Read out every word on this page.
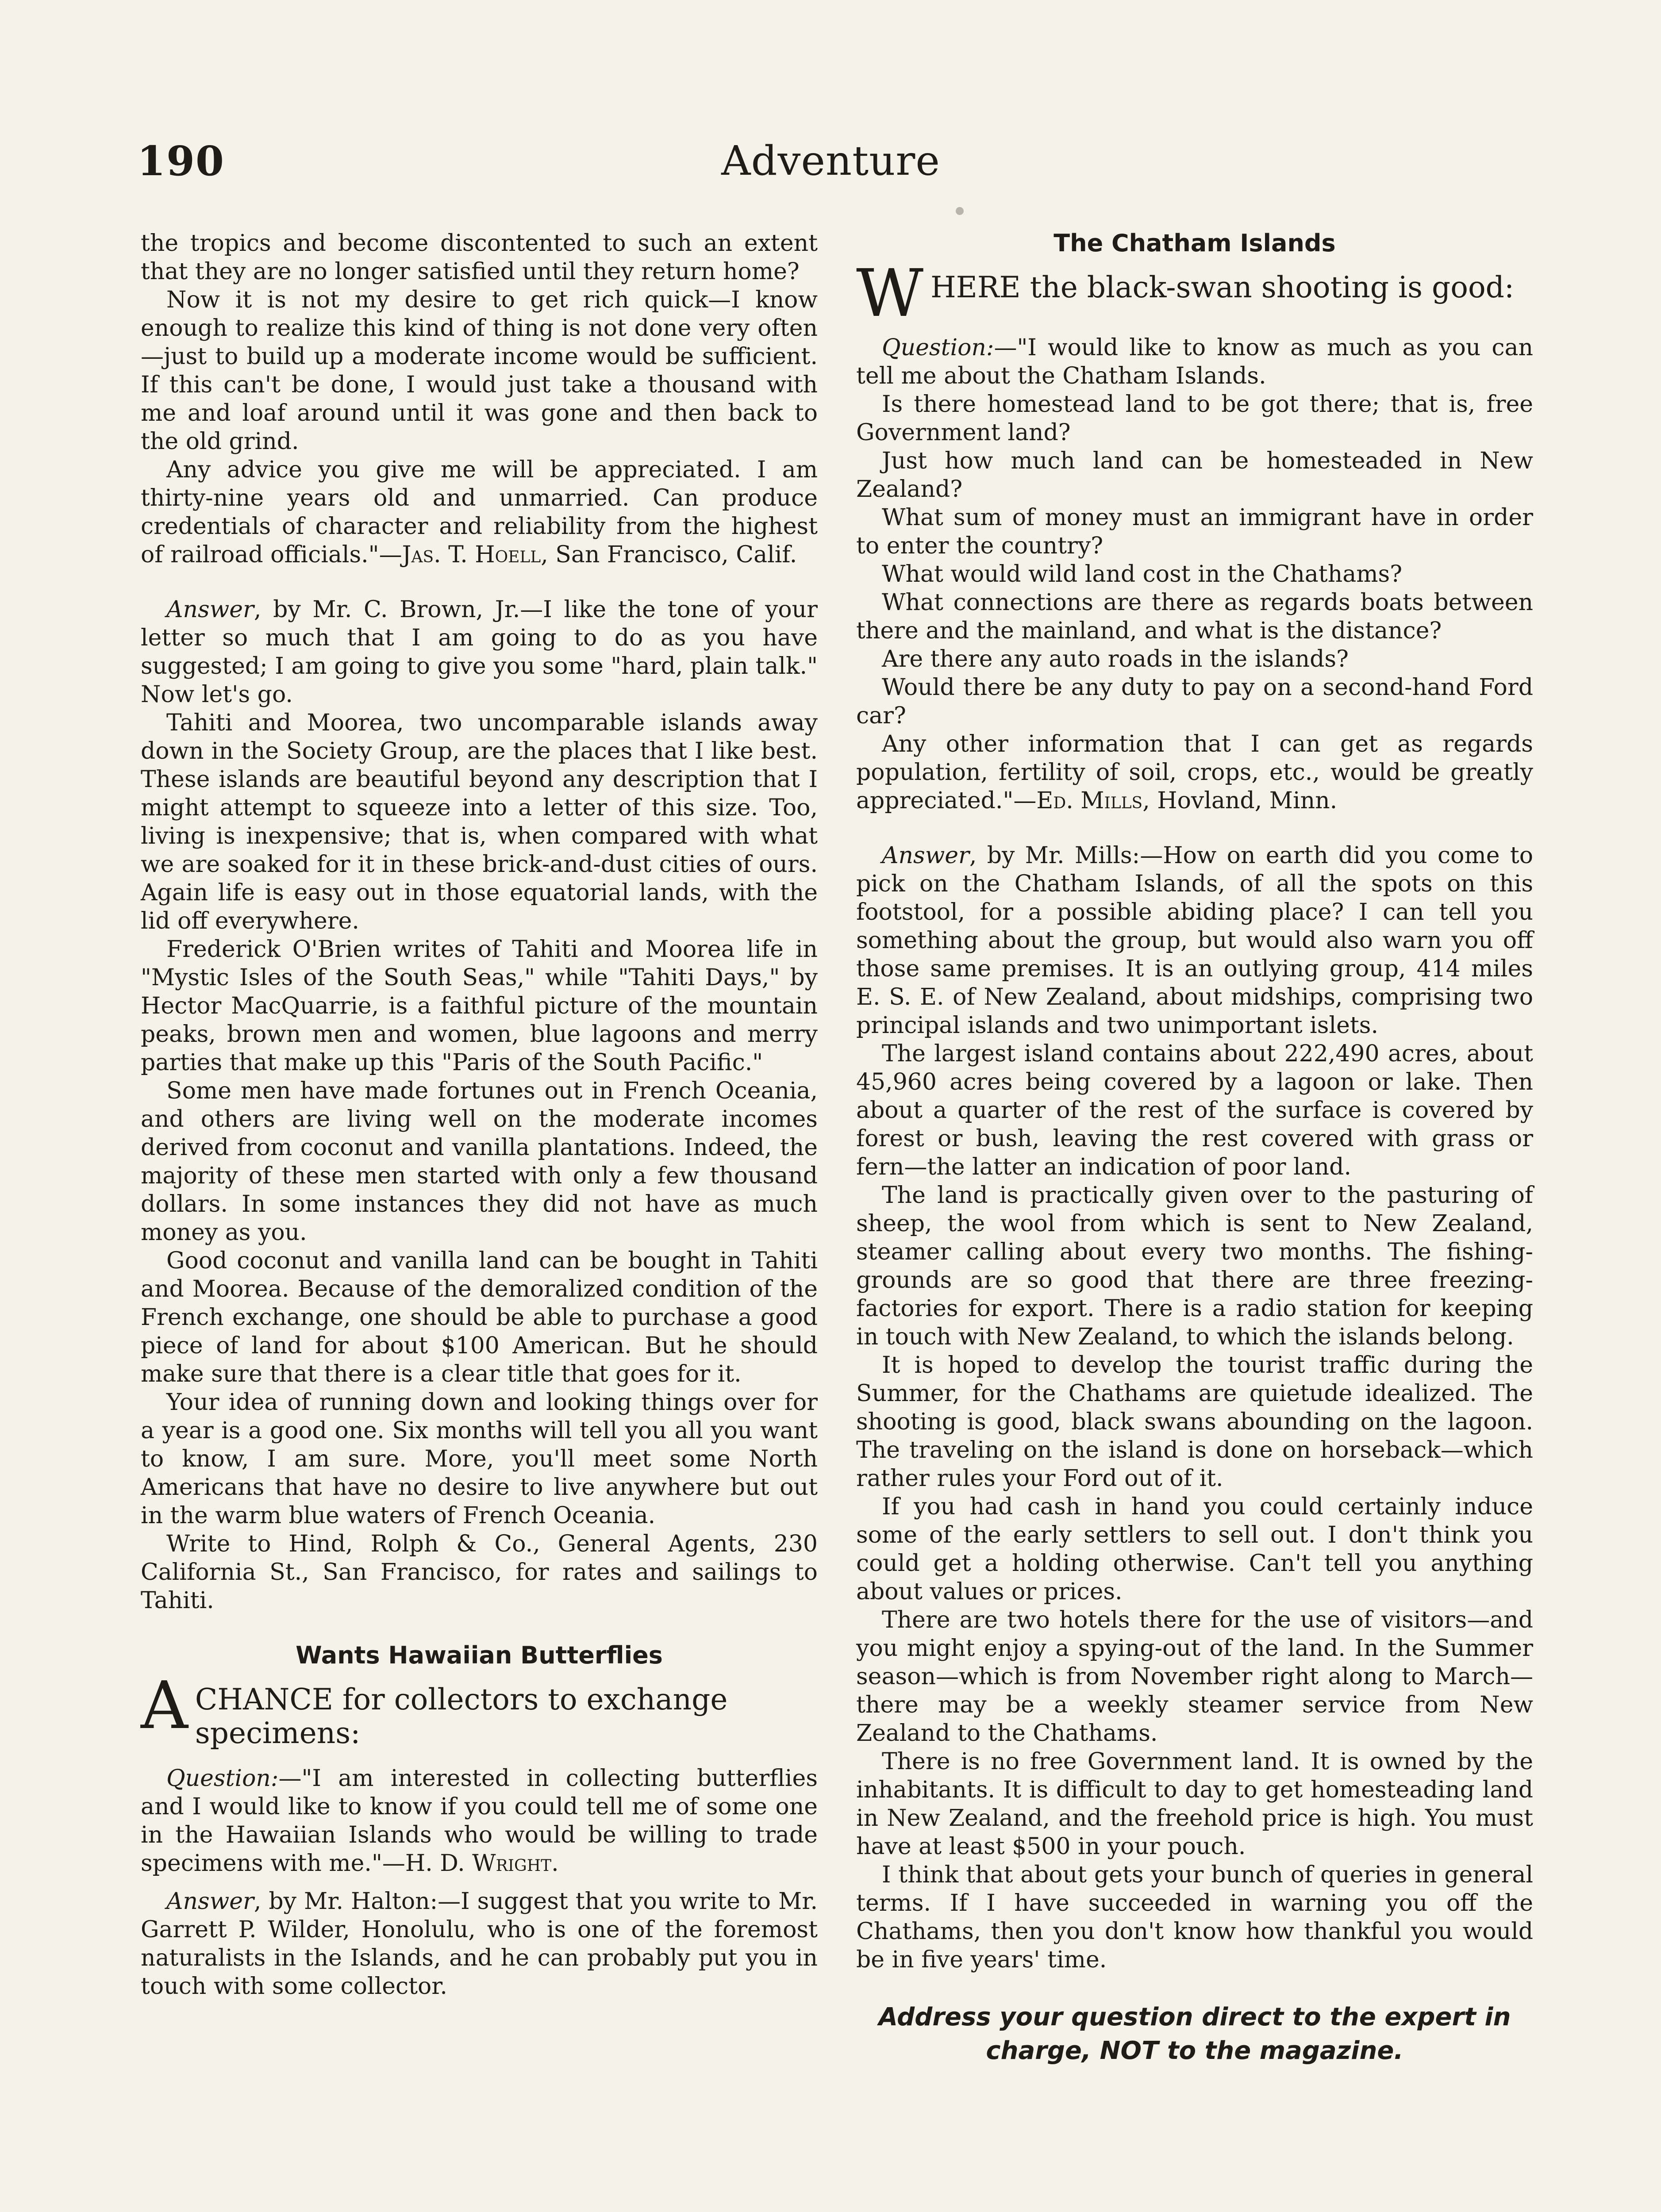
190	Adventure

the tropics and become discontented to such an extent that they are no longer satisfied until they return home?

Now it is not my desire to get rich quick—I know enough to realize this kind of thing is not done very often—just to build up a moderate income would be sufficient. If this can't be done, I would just take a thousand with me and loaf around until it was gone and then back to the old grind.

Any advice you give me will be appreciated. I am thirty-nine years old and unmarried. Can produce credentials of character and reliability from the highest of railroad officials."—Jas. T. Hoell, San Francisco, Calif.

Answer, by Mr. C. Brown, Jr.—I like the tone of your letter so much that I am going to do as you have suggested; I am going to give you some "hard, plain talk." Now let's go.

Tahiti and Moorea, two uncomparable islands away down in the Society Group, are the places that I like best. These islands are beautiful beyond any description that I might attempt to squeeze into a letter of this size. Too, living is inexpensive; that is, when compared with what we are soaked for it in these brick-and-dust cities of ours. Again life is easy out in those equatorial lands, with the lid off everywhere.

Frederick O'Brien writes of Tahiti and Moorea life in "Mystic Isles of the South Seas," while "Tahiti Days," by Hector MacQuarrie, is a faithful picture of the mountain peaks, brown men and women, blue lagoons and merry parties that make up this "Paris of the South Pacific."

Some men have made fortunes out in French Oceania, and others are living well on the moderate incomes derived from coconut and vanilla plantations. Indeed, the majority of these men started with only a few thousand dollars. In some instances they did not have as much money as you.

Good coconut and vanilla land can be bought in Tahiti and Moorea. Because of the demoralized condition of the French exchange, one should be able to purchase a good piece of land for about $100 American. But he should make sure that there is a clear title that goes for it.

Your idea of running down and looking things over for a year is a good one. Six months will tell you all you want to know, I am sure. More, you'll meet some North Americans that have no desire to live anywhere but out in the warm blue waters of French Oceania.

Write to Hind, Rolph & Co., General Agents, 230 California St., San Francisco, for rates and sailings to Tahiti.

Wants Hawaiian Butterflies
A CHANCE for collectors to exchange specimens:

Question:—"I am interested in collecting butterflies and I would like to know if you could tell me of some one in the Hawaiian Islands who would be willing to trade specimens with me."—H. D. Wright.

Answer, by Mr. Halton:—I suggest that you write to Mr. Garrett P. Wilder, Honolulu, who is one of the foremost naturalists in the Islands, and he can probably put you in touch with some collector.

The Chatham Islands
W HERE the black-swan shooting is good:

Question:—"I would like to know as much as you can tell me about the Chatham Islands.

Is there homestead land to be got there; that is, free Government land?

Just how much land can be homesteaded in New Zealand?

What sum of money must an immigrant have in order to enter the country?

What would wild land cost in the Chathams?

What connections are there as regards boats between there and the mainland, and what is the distance?

Are there any auto roads in the islands?

Would there be any duty to pay on a second-hand Ford car?

Any other information that I can get as regards population, fertility of soil, crops, etc., would be greatly appreciated."—Ed. Mills, Hovland, Minn.

Answer, by Mr. Mills:—How on earth did you come to pick on the Chatham Islands, of all the spots on this footstool, for a possible abiding place? I can tell you something about the group, but would also warn you off those same premises. It is an outlying group, 414 miles E. S. E. of New Zealand, about midships, comprising two principal islands and two unimportant islets.

The largest island contains about 222,490 acres, about 45,960 acres being covered by a lagoon or lake. Then about a quarter of the rest of the surface is covered by forest or bush, leaving the rest covered with grass or fern—the latter an indication of poor land.

The land is practically given over to the pasturing of sheep, the wool from which is sent to New Zealand, steamer calling about every two months. The fishing-grounds are so good that there are three freezing-factories for export. There is a radio station for keeping in touch with New Zealand, to which the islands belong.

It is hoped to develop the tourist traffic during the Summer, for the Chathams are quietude idealized. The shooting is good, black swans abounding on the lagoon. The traveling on the island is done on horseback—which rather rules your Ford out of it.

If you had cash in hand you could certainly induce some of the early settlers to sell out. I don't think you could get a holding otherwise. Can't tell you anything about values or prices.

There are two hotels there for the use of visitors—and you might enjoy a spying-out of the land. In the Summer season—which is from November right along to March—there may be a weekly steamer service from New Zealand to the Chathams.

There is no free Government land. It is owned by the inhabitants. It is difficult to day to get homesteading land in New Zealand, and the freehold price is high. You must have at least $500 in your pouch.

I think that about gets your bunch of queries in general terms. If I have succeeded in warning you off the Chathams, then you don't know how thankful you would be in five years' time.

Address your question direct to the expert in charge, NOT to the magazine.
